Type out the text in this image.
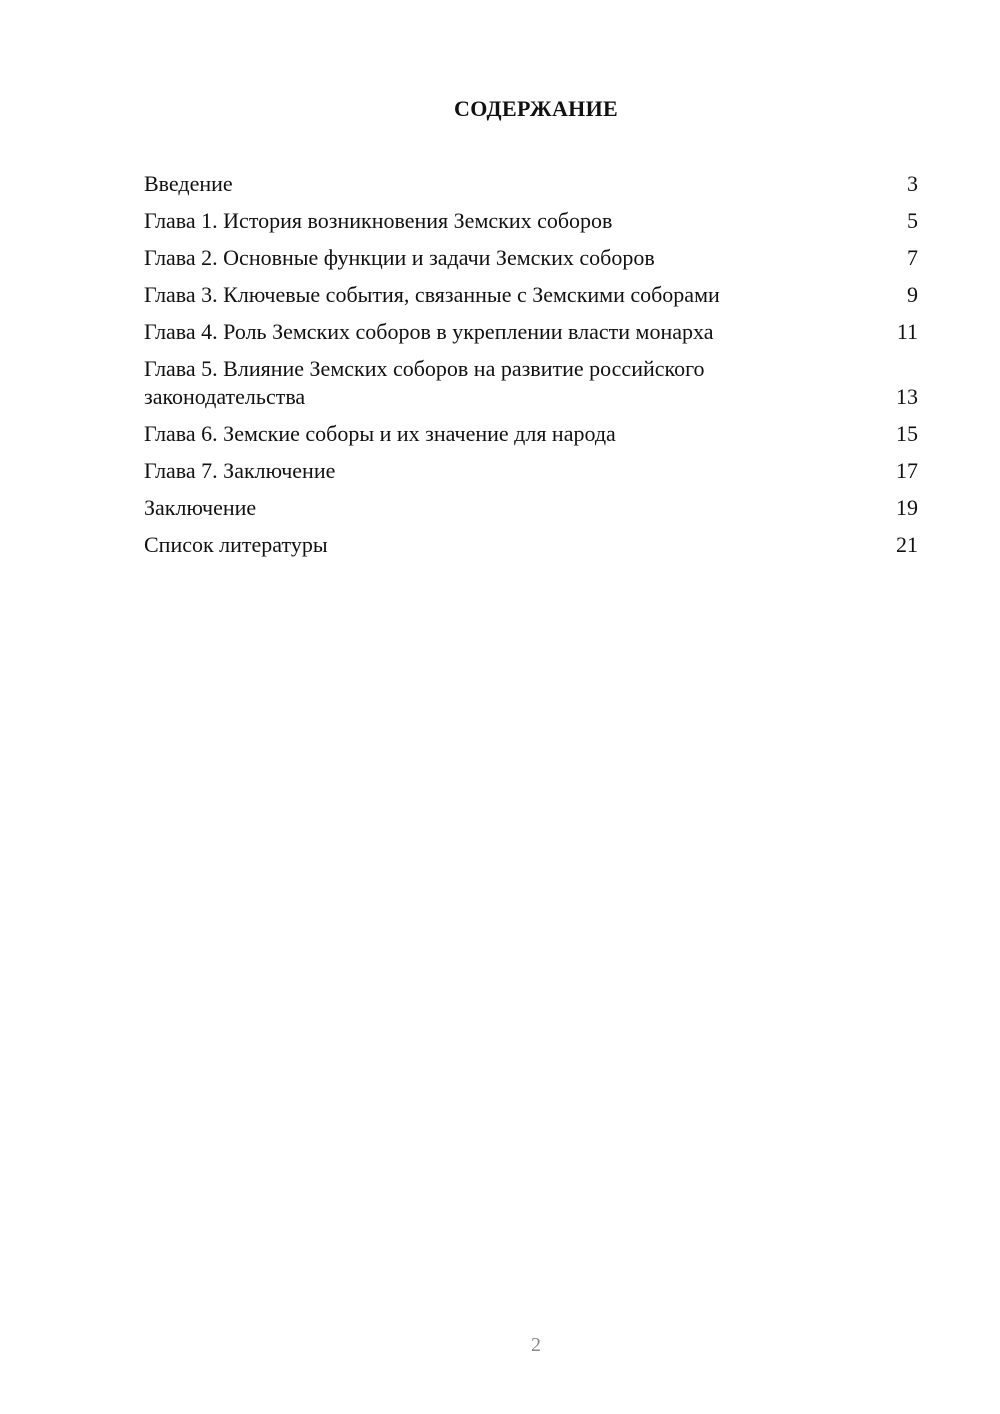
СОДЕРЖАНИЕ
Введение	3
Глава 1. История возникновения Земских соборов	5
Глава 2. Основные функции и задачи Земских соборов	7
Глава 3. Ключевые события, связанные с Земскими соборами	9
Глава 4. Роль Земских соборов в укреплении власти монарха	11
Глава 5. Влияние Земских соборов на развитие российского законодательства	13
Глава 6. Земские соборы и их значение для народа	15
Глава 7. Заключение	17
Заключение	19
Список литературы	21
2
